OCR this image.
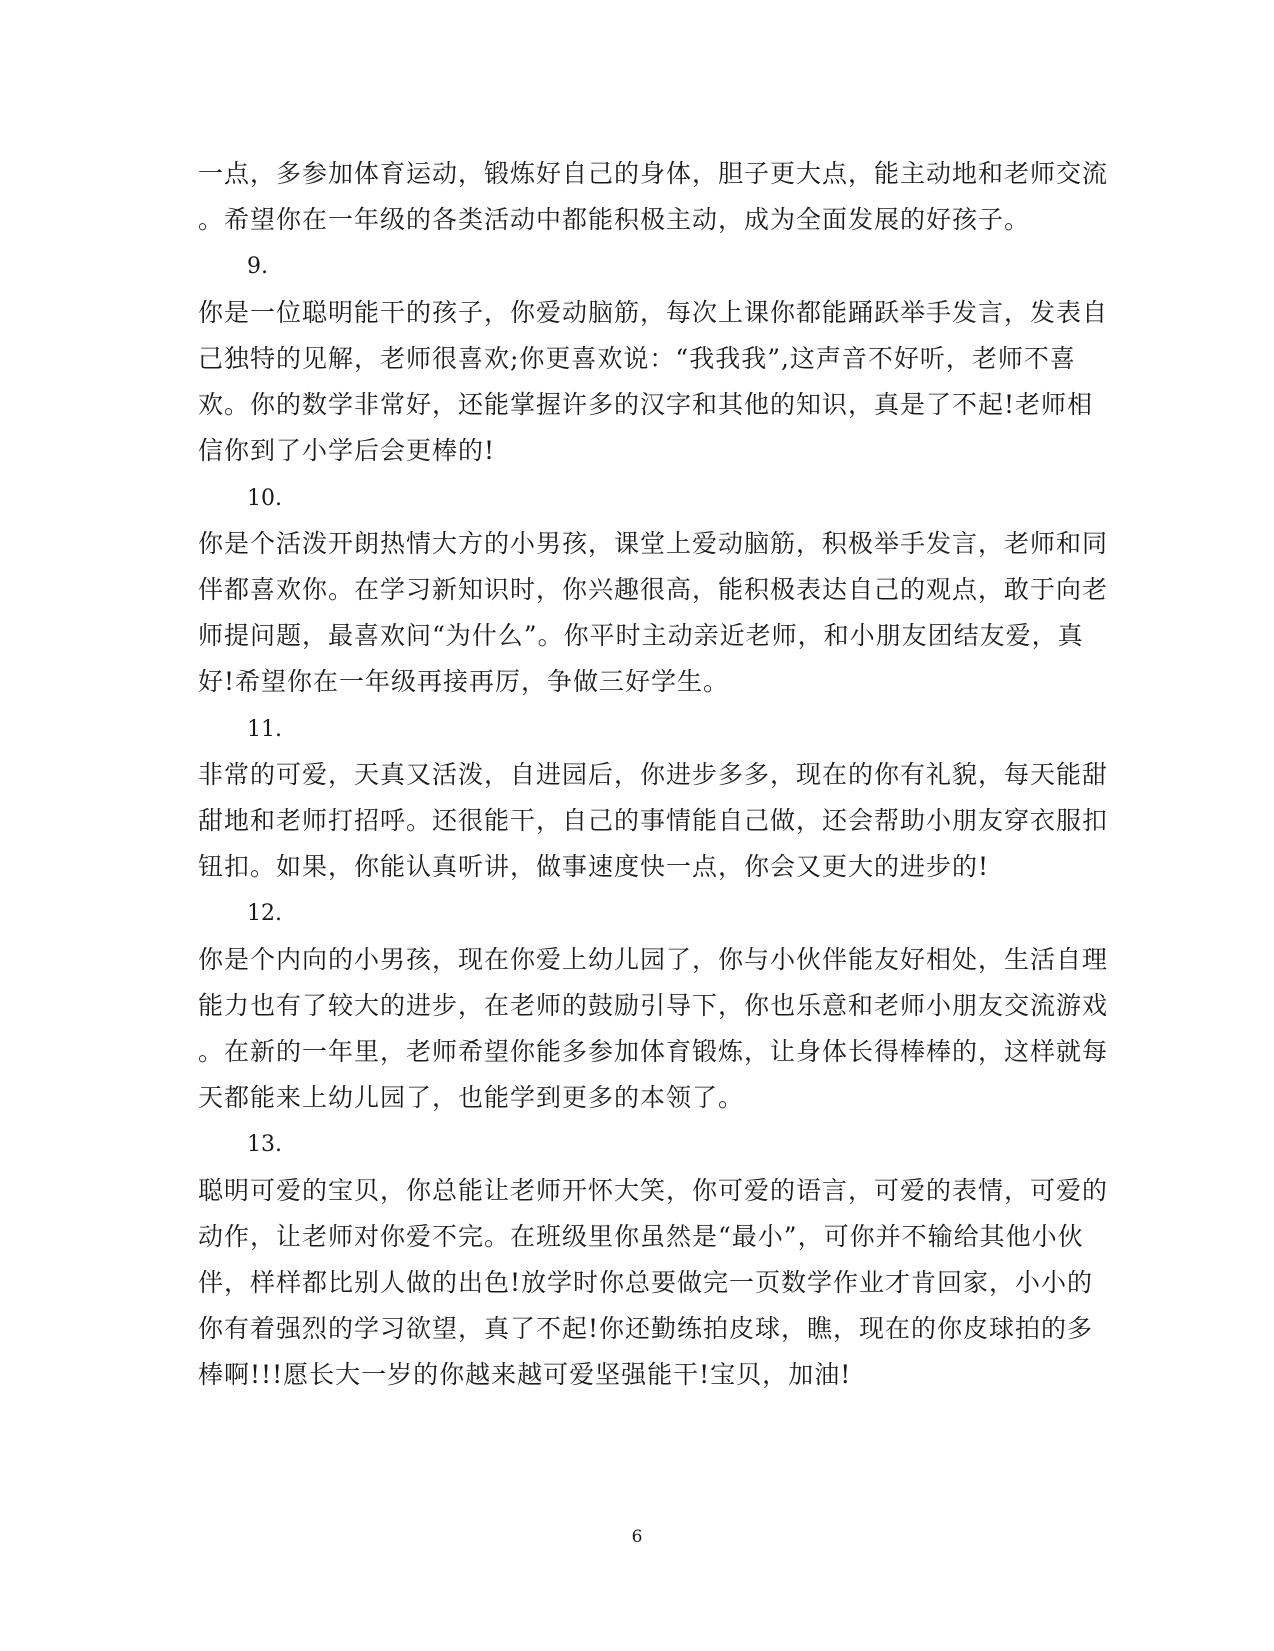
一点，多参加体育运动，锻炼好自己的身体，胆子更大点，能主动地和老师交流
。希望你在一年级的各类活动中都能积极主动，成为全面发展的好孩子。
9.
你是一位聪明能干的孩子，你爱动脑筋，每次上课你都能踊跃举手发言，发表自
己独特的见解，老师很喜欢;你更喜欢说：“我我我”,这声音不好听，老师不喜
欢。你的数学非常好，还能掌握许多的汉字和其他的知识，真是了不起!老师相
信你到了小学后会更棒的!
10.
你是个活泼开朗热情大方的小男孩，课堂上爱动脑筋，积极举手发言，老师和同
伴都喜欢你。在学习新知识时，你兴趣很高，能积极表达自己的观点，敢于向老
师提问题，最喜欢问“为什么”。你平时主动亲近老师，和小朋友团结友爱，真
好!希望你在一年级再接再厉，争做三好学生。
11.
非常的可爱，天真又活泼，自进园后，你进步多多，现在的你有礼貌，每天能甜
甜地和老师打招呼。还很能干，自己的事情能自己做，还会帮助小朋友穿衣服扣
钮扣。如果，你能认真听讲，做事速度快一点，你会又更大的进步的!
12.
你是个内向的小男孩，现在你爱上幼儿园了，你与小伙伴能友好相处，生活自理
能力也有了较大的进步，在老师的鼓励引导下，你也乐意和老师小朋友交流游戏
。在新的一年里，老师希望你能多参加体育锻炼，让身体长得棒棒的，这样就每
天都能来上幼儿园了，也能学到更多的本领了。
13.
聪明可爱的宝贝，你总能让老师开怀大笑，你可爱的语言，可爱的表情，可爱的
动作，让老师对你爱不完。在班级里你虽然是“最小”，可你并不输给其他小伙
伴，样样都比别人做的出色!放学时你总要做完一页数学作业才肯回家，小小的
你有着强烈的学习欲望，真了不起!你还勤练拍皮球，瞧，现在的你皮球拍的多
棒啊!!!愿长大一岁的你越来越可爱坚强能干!宝贝，加油!
6
